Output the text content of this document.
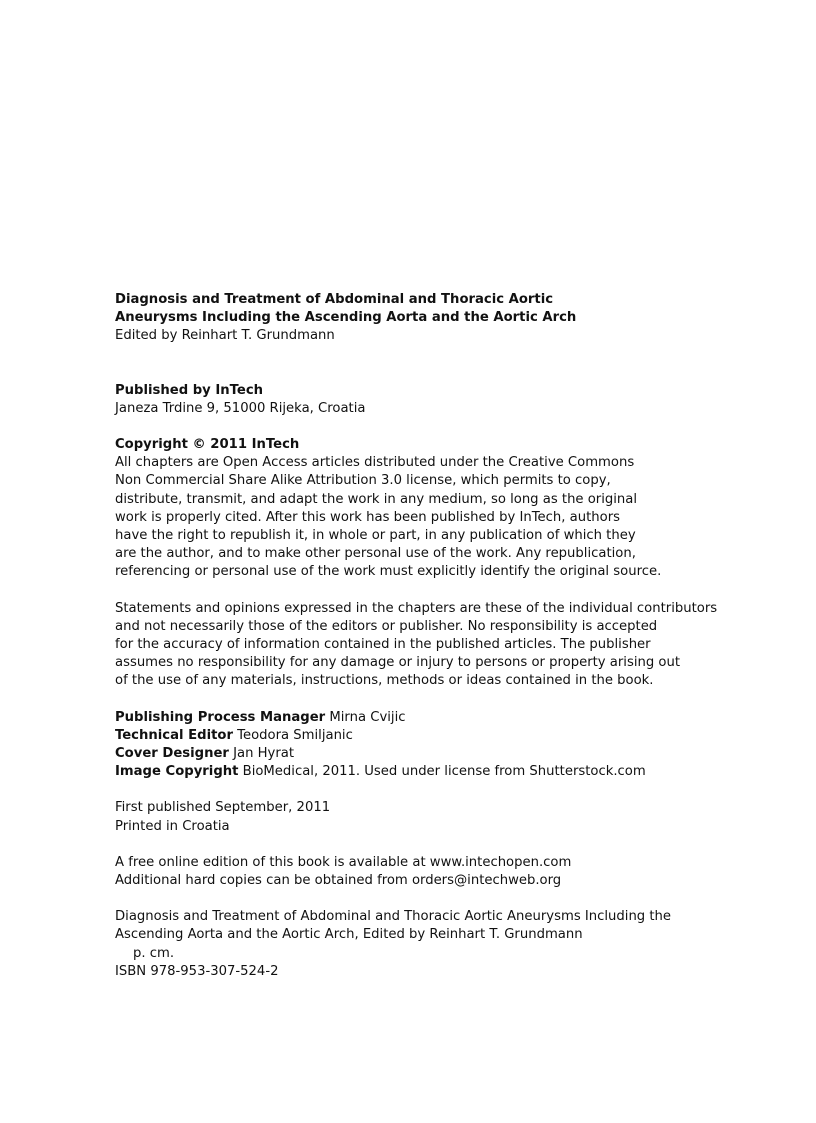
Diagnosis and Treatment of Abdominal and Thoracic Aortic
Aneurysms Including the Ascending Aorta and the Aortic Arch
Edited by Reinhart T. Grundmann
Published by InTech
Janeza Trdine 9, 51000 Rijeka, Croatia
Copyright © 2011 InTech
All chapters are Open Access articles distributed under the Creative Commons
Non Commercial Share Alike Attribution 3.0 license, which permits to copy,
distribute, transmit, and adapt the work in any medium, so long as the original
work is properly cited. After this work has been published by InTech, authors
have the right to republish it, in whole or part, in any publication of which they
are the author, and to make other personal use of the work. Any republication,
referencing or personal use of the work must explicitly identify the original source.
Statements and opinions expressed in the chapters are these of the individual contributors
and not necessarily those of the editors or publisher. No responsibility is accepted
for the accuracy of information contained in the published articles. The publisher
assumes no responsibility for any damage or injury to persons or property arising out
of the use of any materials, instructions, methods or ideas contained in the book.
Publishing Process Manager Mirna Cvijic
Technical Editor Teodora Smiljanic
Cover Designer Jan Hyrat
Image Copyright BioMedical, 2011. Used under license from Shutterstock.com
First published September, 2011
Printed in Croatia
A free online edition of this book is available at www.intechopen.com
Additional hard copies can be obtained from orders@intechweb.org
Diagnosis and Treatment of Abdominal and Thoracic Aortic Aneurysms Including the
Ascending Aorta and the Aortic Arch, Edited by Reinhart T. Grundmann
p. cm.
ISBN 978-953-307-524-2
